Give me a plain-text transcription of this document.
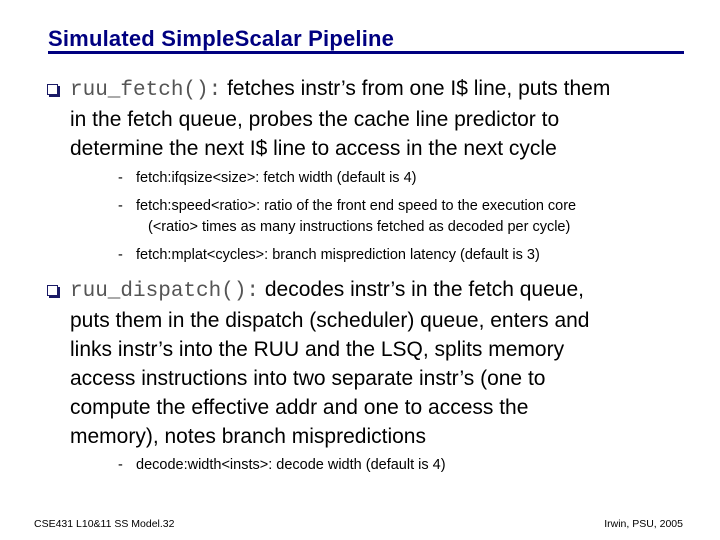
Simulated SimpleScalar Pipeline
ruu_fetch(): fetches instr’s from one I$ line, puts them
in the fetch queue, probes the cache line predictor to
determine the next I$ line to access in the next cycle
- fetch:ifqsize<size>: fetch width (default is 4)
- fetch:speed<ratio>: ratio of the front end speed to the execution core
(<ratio> times as many instructions fetched as decoded per cycle)
- fetch:mplat<cycles>: branch misprediction latency (default is 3)
ruu_dispatch(): decodes instr’s in the fetch queue,
puts them in the dispatch (scheduler) queue, enters and
links instr’s into the RUU and the LSQ, splits memory
access instructions into two separate instr’s (one to
compute the effective addr and one to access the
memory), notes branch mispredictions
- decode:width<insts>: decode width (default is 4)
CSE431 L10&11 SS Model.32	Irwin, PSU, 2005
